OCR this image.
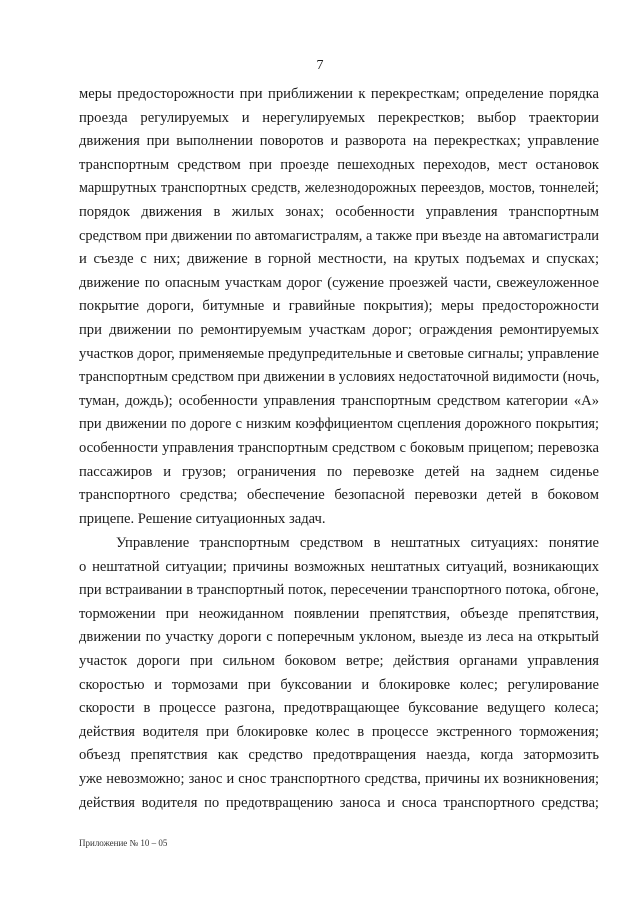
7
меры предосторожности при приближении к перекресткам; определение порядка
проезда регулируемых и нерегулируемых перекрестков; выбор траектории
движения при выполнении поворотов и разворота на перекрестках; управление
транспортным средством при проезде пешеходных переходов, мест остановок
маршрутных транспортных средств, железнодорожных переездов, мостов, тоннелей;
порядок движения в жилых зонах; особенности управления транспортным
средством при движении по автомагистралям, а также при въезде на автомагистрали
и съезде с них; движение в горной местности, на крутых подъемах и спусках;
движение по опасным участкам дорог (сужение проезжей части, свежеуложенное
покрытие дороги, битумные и гравийные покрытия); меры предосторожности
при движении по ремонтируемым участкам дорог; ограждения ремонтируемых
участков дорог, применяемые предупредительные и световые сигналы; управление
транспортным средством при движении в условиях недостаточной видимости (ночь,
туман, дождь); особенности управления транспортным средством категории «А»
при движении по дороге с низким коэффициентом сцепления дорожного покрытия;
особенности управления транспортным средством с боковым прицепом; перевозка
пассажиров и грузов; ограничения по перевозке детей на заднем сиденье
транспортного средства; обеспечение безопасной перевозки детей в боковом
прицепе. Решение ситуационных задач.
Управление транспортным средством в нештатных ситуациях: понятие
о нештатной ситуации; причины возможных нештатных ситуаций, возникающих
при встраивании в транспортный поток, пересечении транспортного потока, обгоне,
торможении при неожиданном появлении препятствия, объезде препятствия,
движении по участку дороги с поперечным уклоном, выезде из леса на открытый
участок дороги при сильном боковом ветре; действия органами управления
скоростью и тормозами при буксовании и блокировке колес; регулирование
скорости в процессе разгона, предотвращающее буксование ведущего колеса;
действия водителя при блокировке колес в процессе экстренного торможения;
объезд препятствия как средство предотвращения наезда, когда затормозить
уже невозможно; занос и снос транспортного средства, причины их возникновения;
действия водителя по предотвращению заноса и сноса транспортного средства;
Приложение № 10 – 05
